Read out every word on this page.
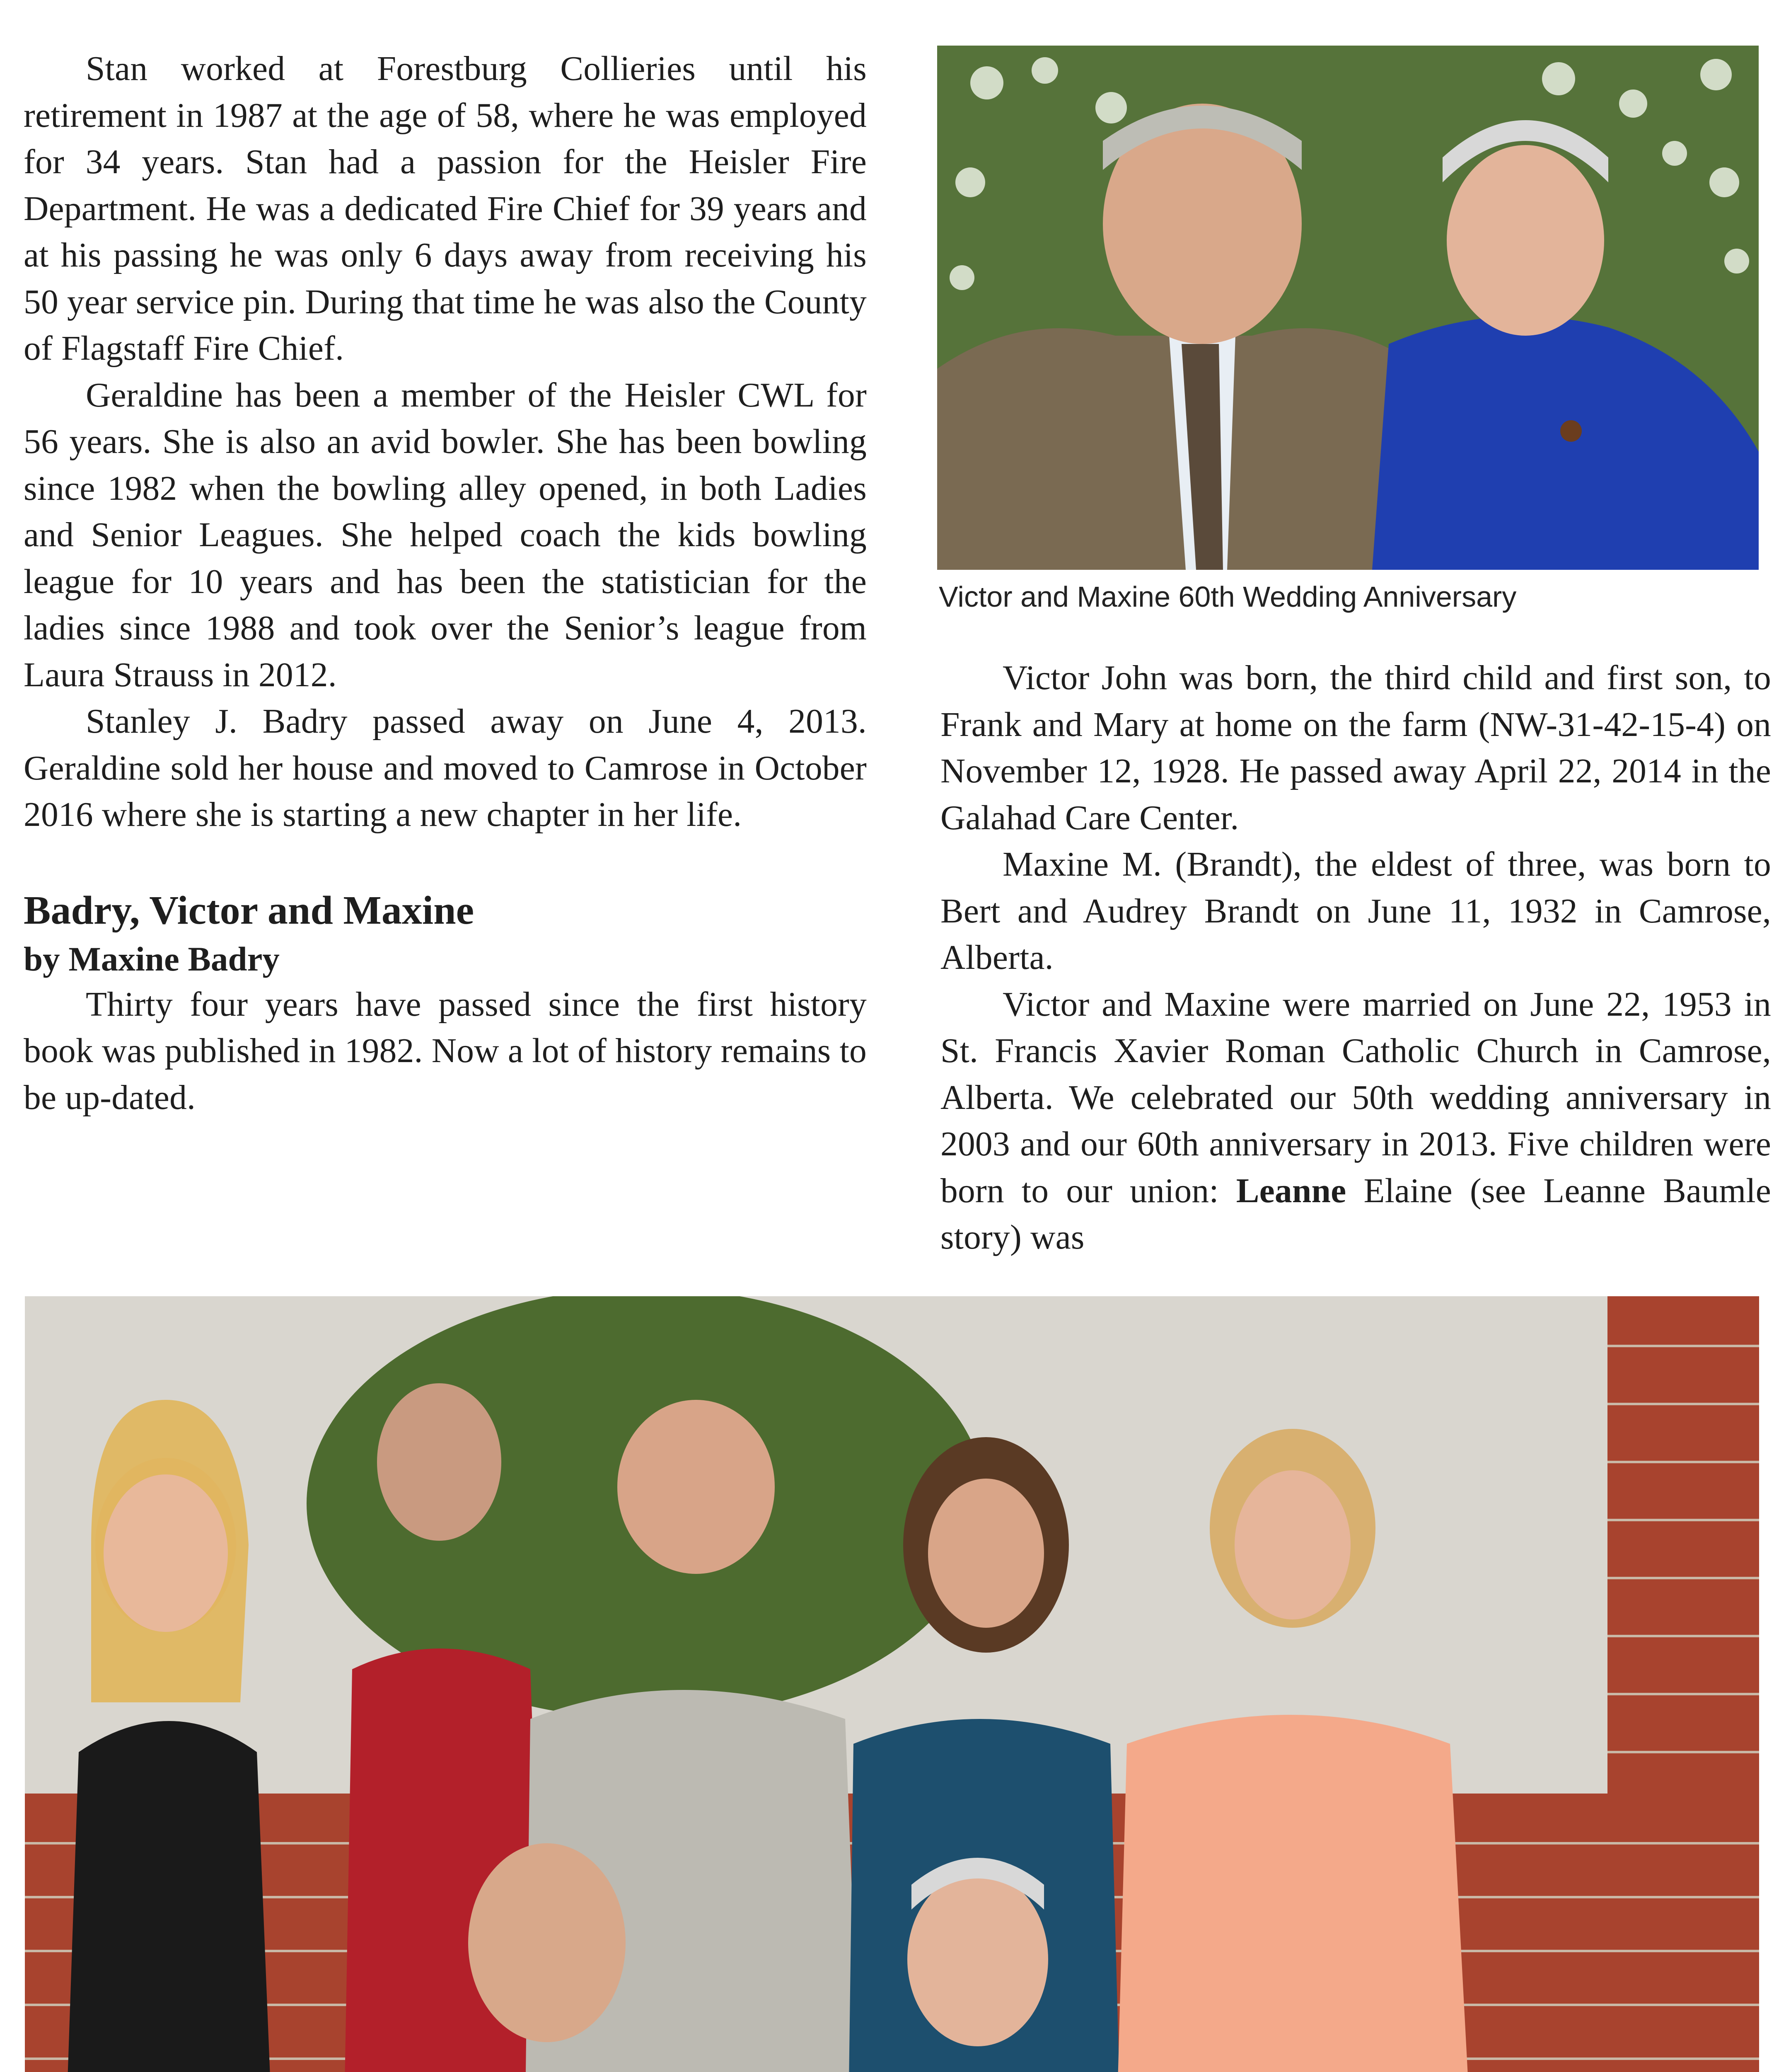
Stan worked at Forestburg Collieries until his retirement in 1987 at the age of 58, where he was employed for 34 years. Stan had a passion for the Heisler Fire Department. He was a dedicated Fire Chief for 39 years and at his passing he was only 6 days away from receiving his 50 year service pin. During that time he was also the County of Flagstaff Fire Chief.

Geraldine has been a member of the Heisler CWL for 56 years. She is also an avid bowler. She has been bowling since 1982 when the bowling alley opened, in both Ladies and Senior Leagues. She helped coach the kids bowling league for 10 years and has been the statistician for the ladies since 1988 and took over the Senior’s league from Laura Strauss in 2012.

Stanley J. Badry passed away on June 4, 2013. Geraldine sold her house and moved to Camrose in October 2016 where she is starting a new chapter in her life.

Badry, Victor and Maxine

by Maxine Badry

Thirty four years have passed since the first history book was published in 1982. Now a lot of history remains to be up-dated.

Victor and Maxine 60th Wedding Anniversary

Victor John was born, the third child and first son, to Frank and Mary at home on the farm (NW-31-42-15-4) on November 12, 1928. He passed away April 22, 2014 in the Galahad Care Center.

Maxine M. (Brandt), the eldest of three, was born to Bert and Audrey Brandt on June 11, 1932 in Camrose, Alberta.

Victor and Maxine were married on June 22, 1953 in St. Francis Xavier Roman Catholic Church in Camrose, Alberta. We celebrated our 50th wedding anniversary in 2003 and our 60th anniversary in 2013. Five children were born to our union: Leanne Elaine (see Leanne Baumle story) was
